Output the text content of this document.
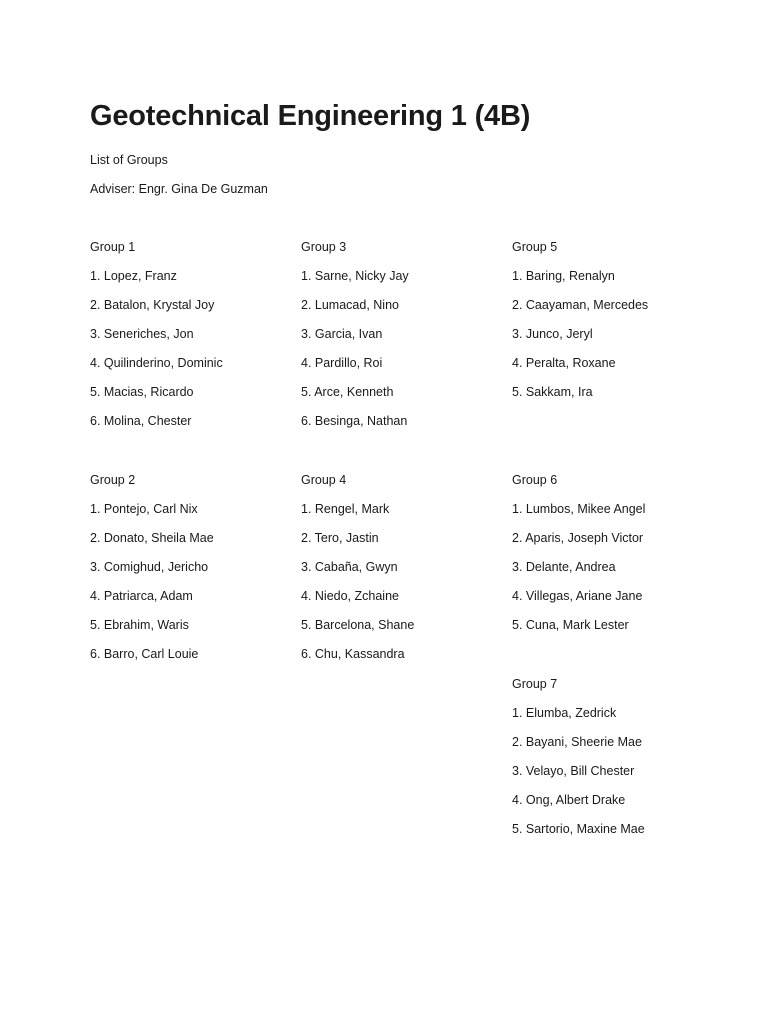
Geotechnical Engineering 1 (4B)

List of Groups

Adviser: Engr. Gina De Guzman

Group 1

1. Lopez, Franz

2. Batalon, Krystal Joy

3. Seneriches, Jon

4. Quilinderino, Dominic

5. Macias, Ricardo

6. Molina, Chester

Group 2

1. Pontejo, Carl Nix

2. Donato, Sheila Mae

3. Comighud, Jericho

4. Patriarca, Adam

5. Ebrahim, Waris

6. Barro, Carl Louie

Group 3

1. Sarne, Nicky Jay

2. Lumacad, Nino

3. Garcia, Ivan

4. Pardillo, Roi

5. Arce, Kenneth

6. Besinga, Nathan

Group 4

1. Rengel, Mark

2. Tero, Jastin

3. Cabaña, Gwyn

4. Niedo, Zchaine

5. Barcelona, Shane

6. Chu, Kassandra

Group 5

1. Baring, Renalyn

2. Caayaman, Mercedes

3. Junco, Jeryl

4. Peralta, Roxane

5. Sakkam, Ira

Group 6

1. Lumbos, Mikee Angel

2. Aparis, Joseph Victor

3. Delante, Andrea

4. Villegas, Ariane Jane

5. Cuna, Mark Lester

Group 7

1. Elumba, Zedrick

2. Bayani, Sheerie Mae

3. Velayo, Bill Chester

4. Ong, Albert Drake

5. Sartorio, Maxine Mae
